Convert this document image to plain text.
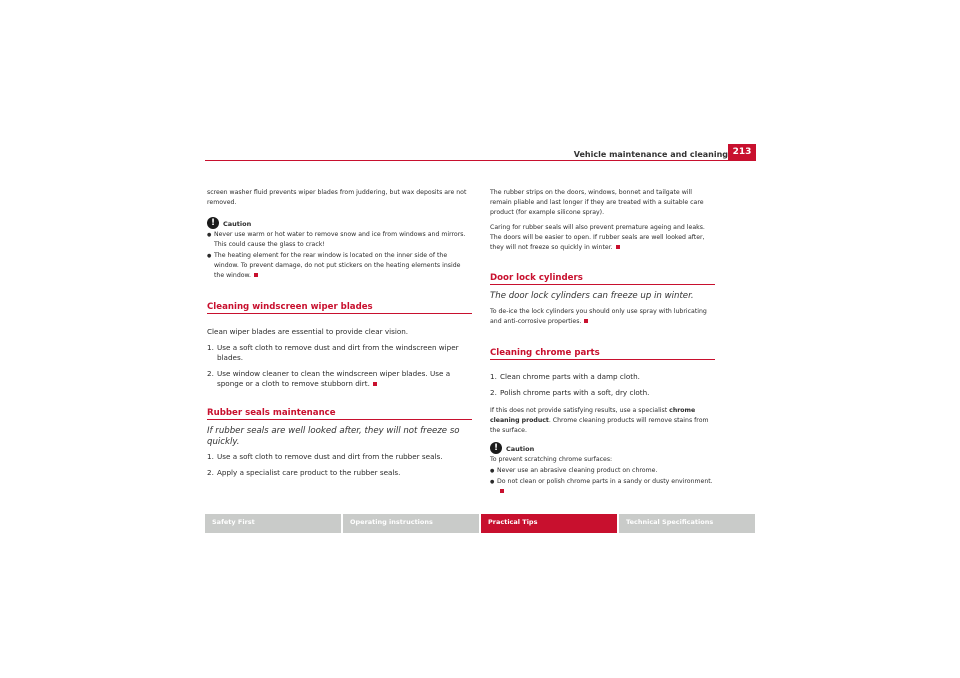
Vehicle maintenance and cleaning 213

screen washer fluid prevents wiper blades from juddering, but wax deposits are not removed.

!	Caution
●
Never use warm or hot water to remove snow and ice from windows and mirrors. This could cause the glass to crack!
●
The heating element for the rear window is located on the inner side of the window. To prevent damage, do not put stickers on the heating elements inside the window.
Cleaning windscreen wiper blades

Clean wiper blades are essential to provide clear vision.

1. Use a soft cloth to remove dust and dirt from the windscreen wiper blades.
2. Use window cleaner to clean the windscreen wiper blades. Use a sponge or a cloth to remove stubborn dirt.
Rubber seals maintenance
If rubber seals are well looked after, they will not freeze so quickly.
1. Use a soft cloth to remove dust and dirt from the rubber seals.
2. Apply a specialist care product to the rubber seals.

The rubber strips on the doors, windows, bonnet and tailgate will remain pliable and last longer if they are treated with a suitable care product (for example silicone spray).

Caring for rubber seals will also prevent premature ageing and leaks. The doors will be easier to open. If rubber seals are well looked after, they will not freeze so quickly in winter.

Door lock cylinders
The door lock cylinders can freeze up in winter.

To de-ice the lock cylinders you should only use spray with lubricating and anti-corrosive properties.

Cleaning chrome parts
1. Clean chrome parts with a damp cloth.
2. Polish chrome parts with a soft, dry cloth.

If this does not provide satisfying results, use a specialist chrome cleaning product. Chrome cleaning products will remove stains from the surface.

!	Caution

To prevent scratching chrome surfaces:

●
Never use an abrasive cleaning product on chrome.
●
Do not clean or polish chrome parts in a sandy or dusty environment.
Safety First	Operating instructions	Practical Tips	Technical Specifications
